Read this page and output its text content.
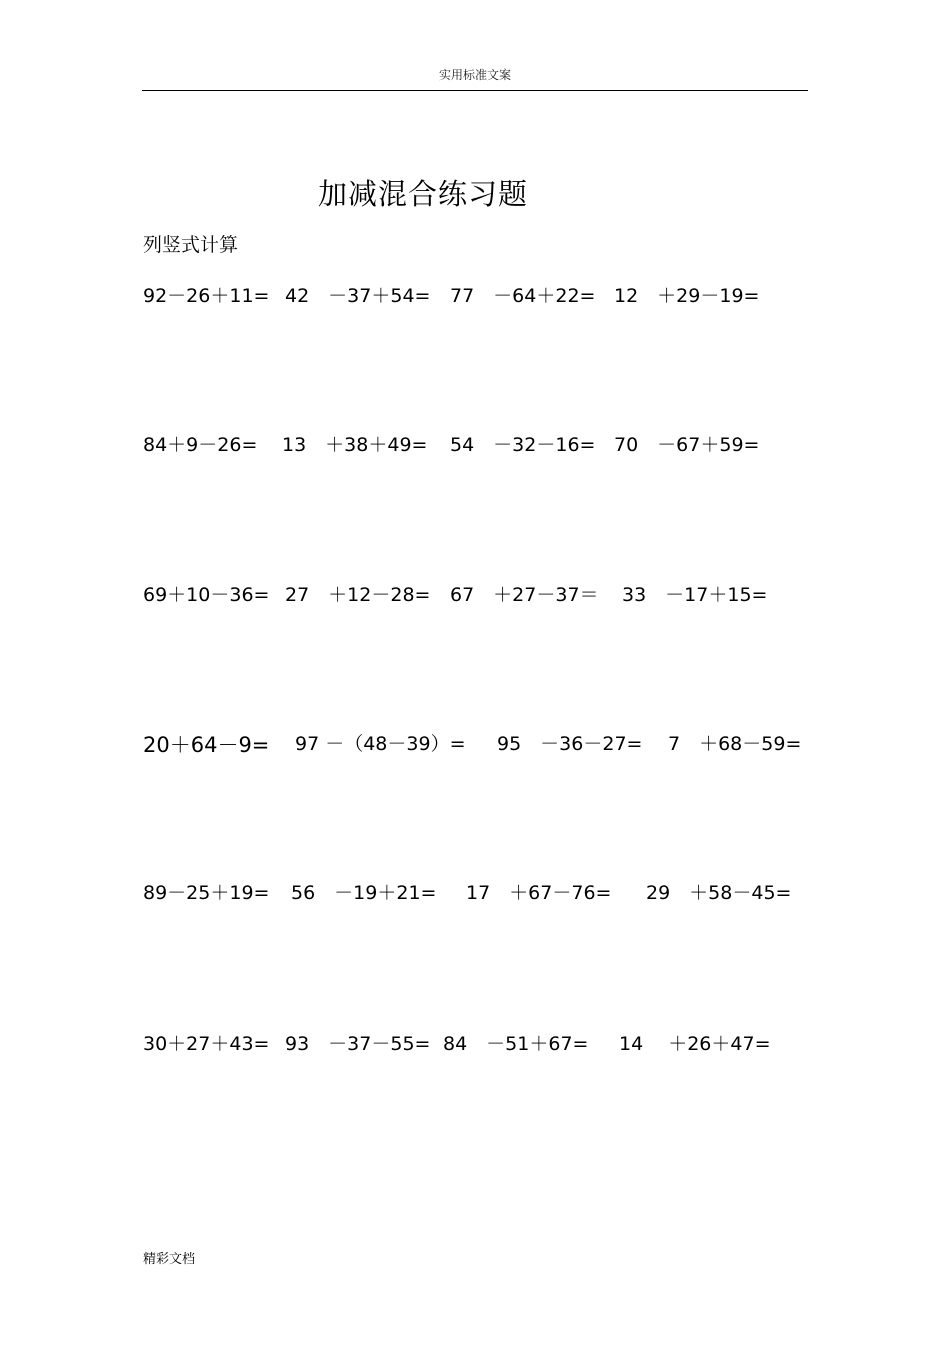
实用标准文案
加减混合练习题
列竖式计算
92－26＋11= 42　－37＋54= 77　－64＋22= 12　＋29－19=
84＋9－26= 13　＋38＋49= 54　－32－16= 70　－67＋59=
69＋10－36= 27　＋12－28= 67　＋27－37＝ 33　－17＋15=
20＋64－9= 97 －（48－39）= 95　－36－27= 7　＋68－59=
89－25＋19= 56　－19＋21= 17　＋67－76= 29　＋58－45=
30＋27＋43= 93　－37－55= 84　－51＋67= 14　 ＋26＋47=
精彩文档
